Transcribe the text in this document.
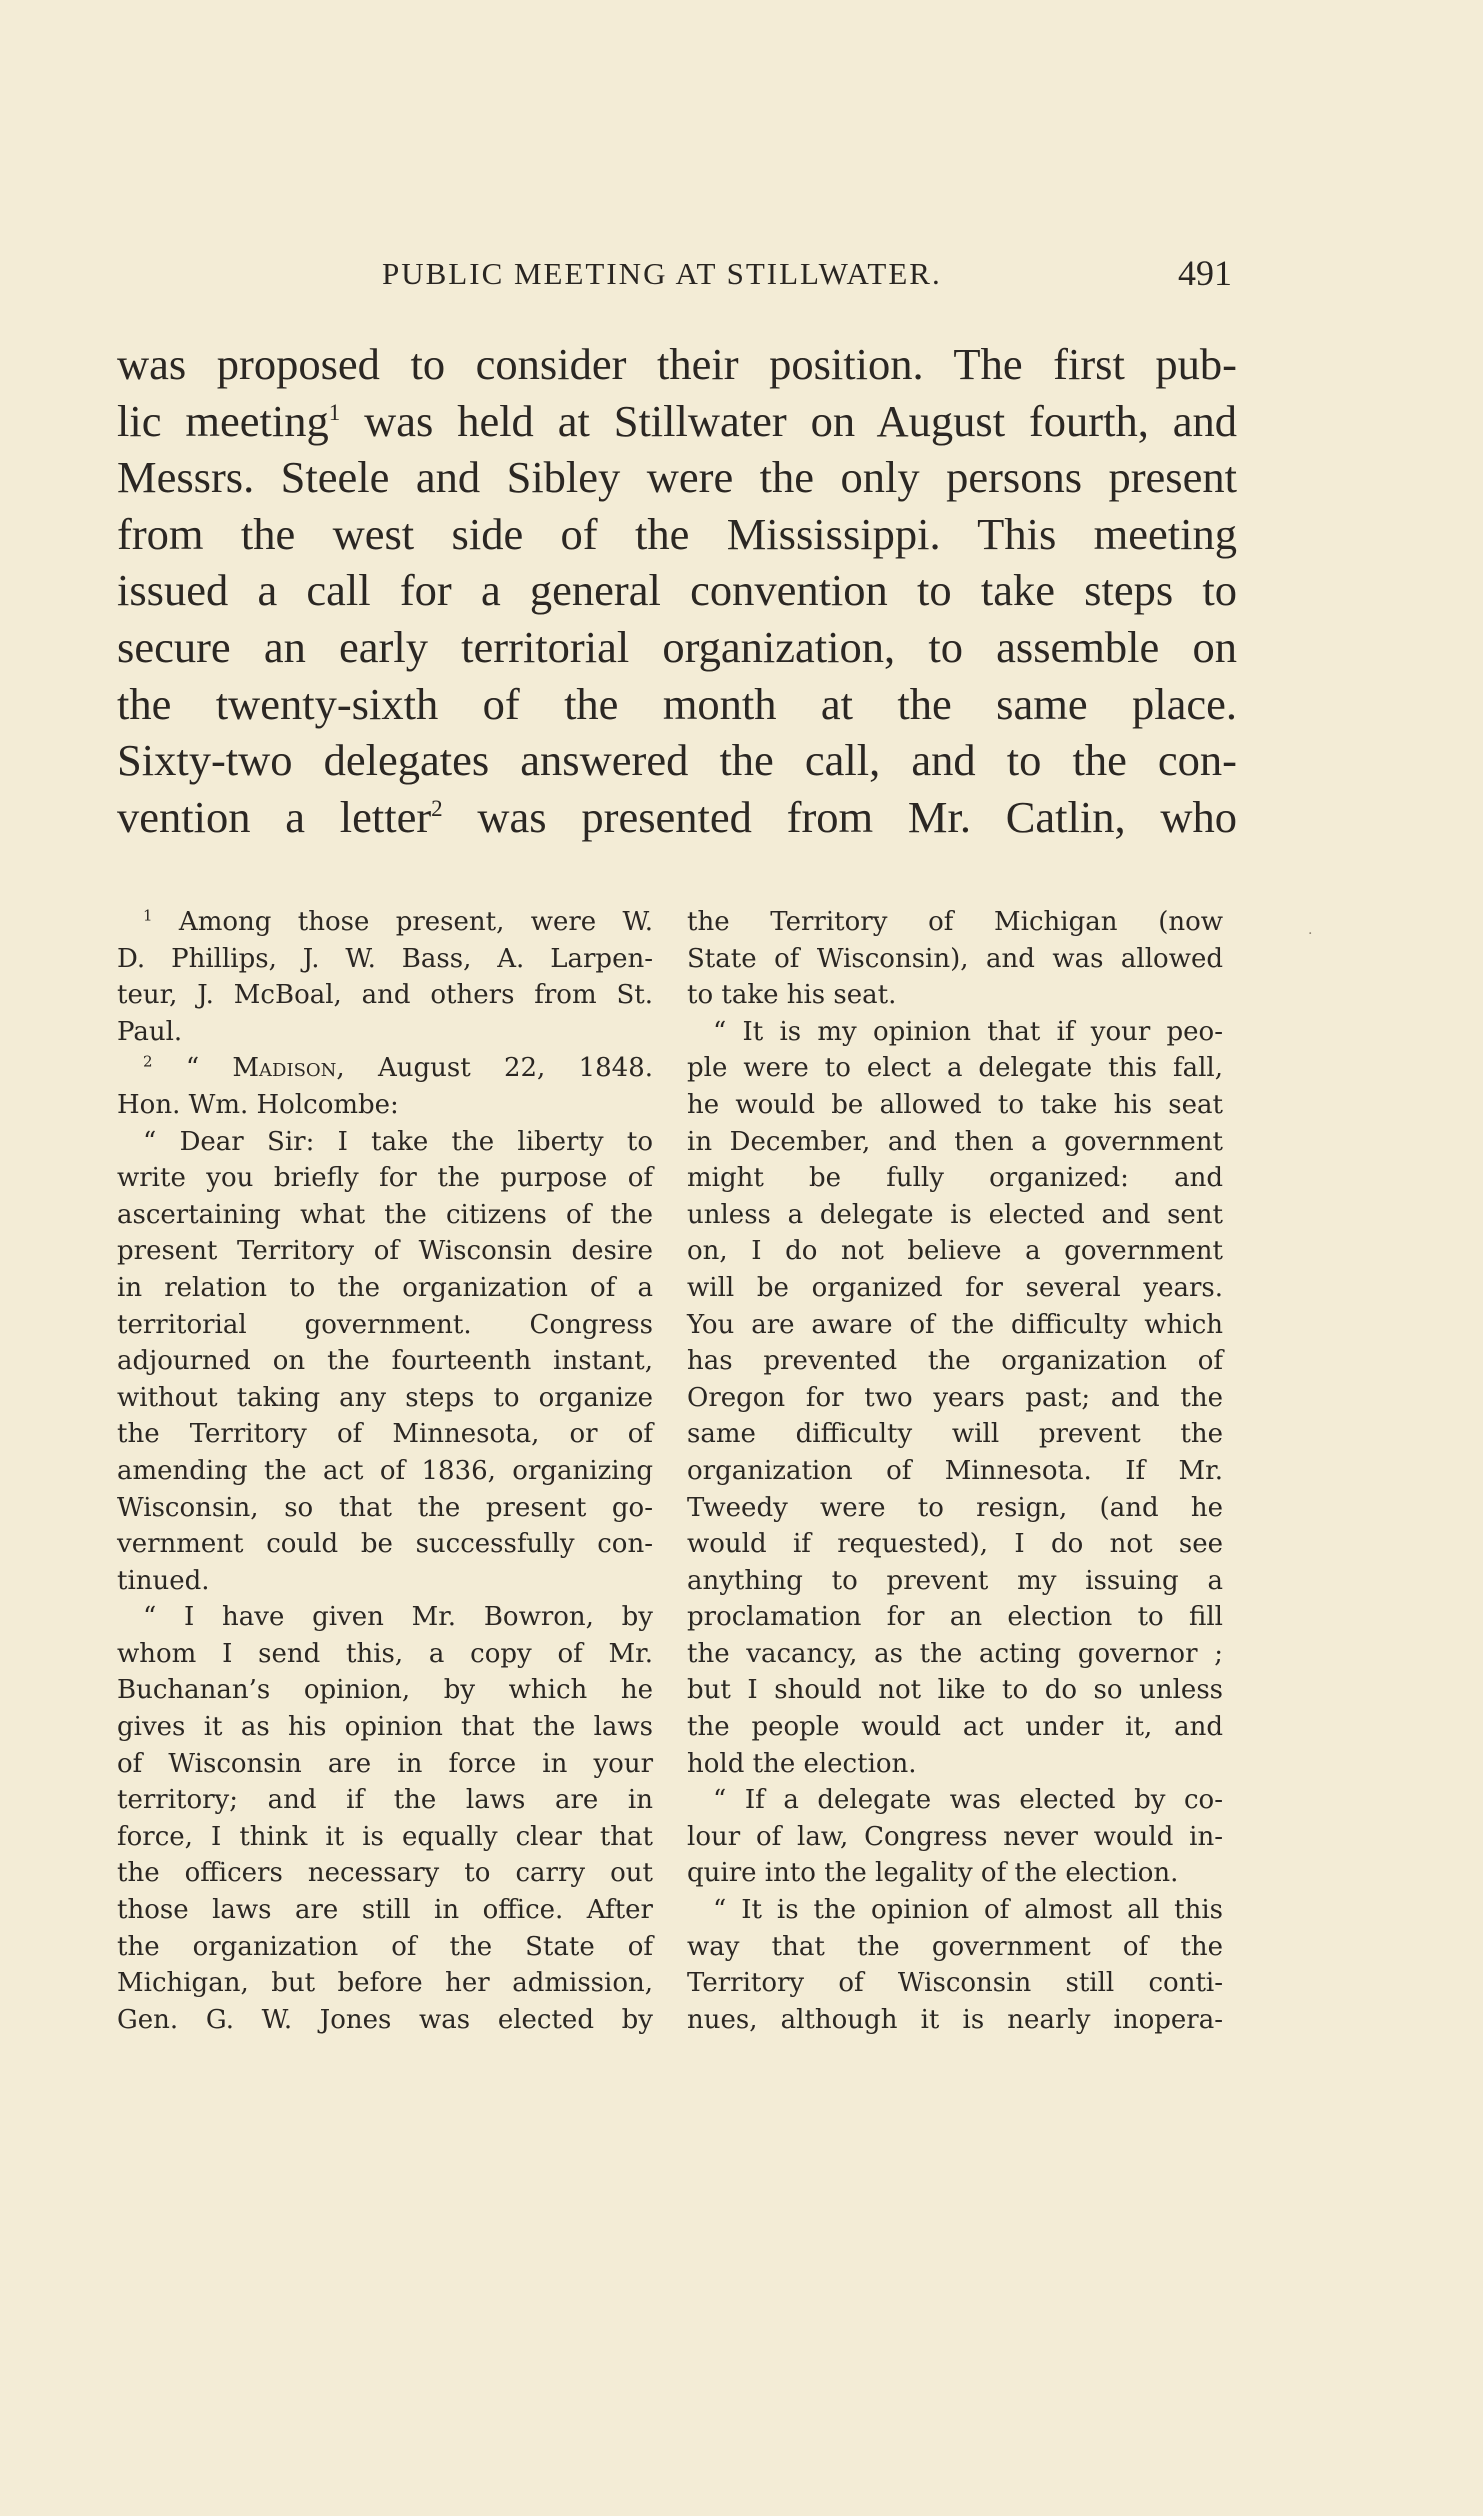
PUBLIC MEETING AT STILLWATER.	491
was proposed to consider their position. The first pub-
lic meeting$^1$ was held at Stillwater on August fourth, and
Messrs. Steele and Sibley were the only persons present
from the west side of the Mississippi. This meeting
issued a call for a general convention to take steps to
secure an early territorial organization, to assemble on
the twenty-sixth of the month at the same place.
Sixty-two delegates answered the call, and to the con-
vention a letter$^2$ was presented from Mr. Catlin, who
$^1$ Among those present, were W.
D. Phillips, J. W. Bass, A. Larpen-
teur, J. McBoal, and others from St.
Paul.
$^2$ “ Madison, August 22, 1848.
Hon. Wm. Holcombe:
“ Dear Sir: I take the liberty to
write you briefly for the purpose of
ascertaining what the citizens of the
present Territory of Wisconsin desire
in relation to the organization of a
territorial government. Congress
adjourned on the fourteenth instant,
without taking any steps to organize
the Territory of Minnesota, or of
amending the act of 1836, organizing
Wisconsin, so that the present go-
vernment could be successfully con-
tinued.
“ I have given Mr. Bowron, by
whom I send this, a copy of Mr.
Buchanan’s opinion, by which he
gives it as his opinion that the laws
of Wisconsin are in force in your
territory; and if the laws are in
force, I think it is equally clear that
the officers necessary to carry out
those laws are still in office. After
the organization of the State of
Michigan, but before her admission,
Gen. G. W. Jones was elected by
the Territory of Michigan (now
State of Wisconsin), and was allowed
to take his seat.
“ It is my opinion that if your peo-
ple were to elect a delegate this fall,
he would be allowed to take his seat
in December, and then a government
might be fully organized: and
unless a delegate is elected and sent
on, I do not believe a government
will be organized for several years.
You are aware of the difficulty which
has prevented the organization of
Oregon for two years past; and the
same difficulty will prevent the
organization of Minnesota. If Mr.
Tweedy were to resign, (and he
would if requested), I do not see
anything to prevent my issuing a
proclamation for an election to fill
the vacancy, as the acting governor ;
but I should not like to do so unless
the people would act under it, and
hold the election.
“ If a delegate was elected by co-
lour of law, Congress never would in-
quire into the legality of the election.
“ It is the opinion of almost all this
way that the government of the
Territory of Wisconsin still conti-
nues, although it is nearly inopera-
.
